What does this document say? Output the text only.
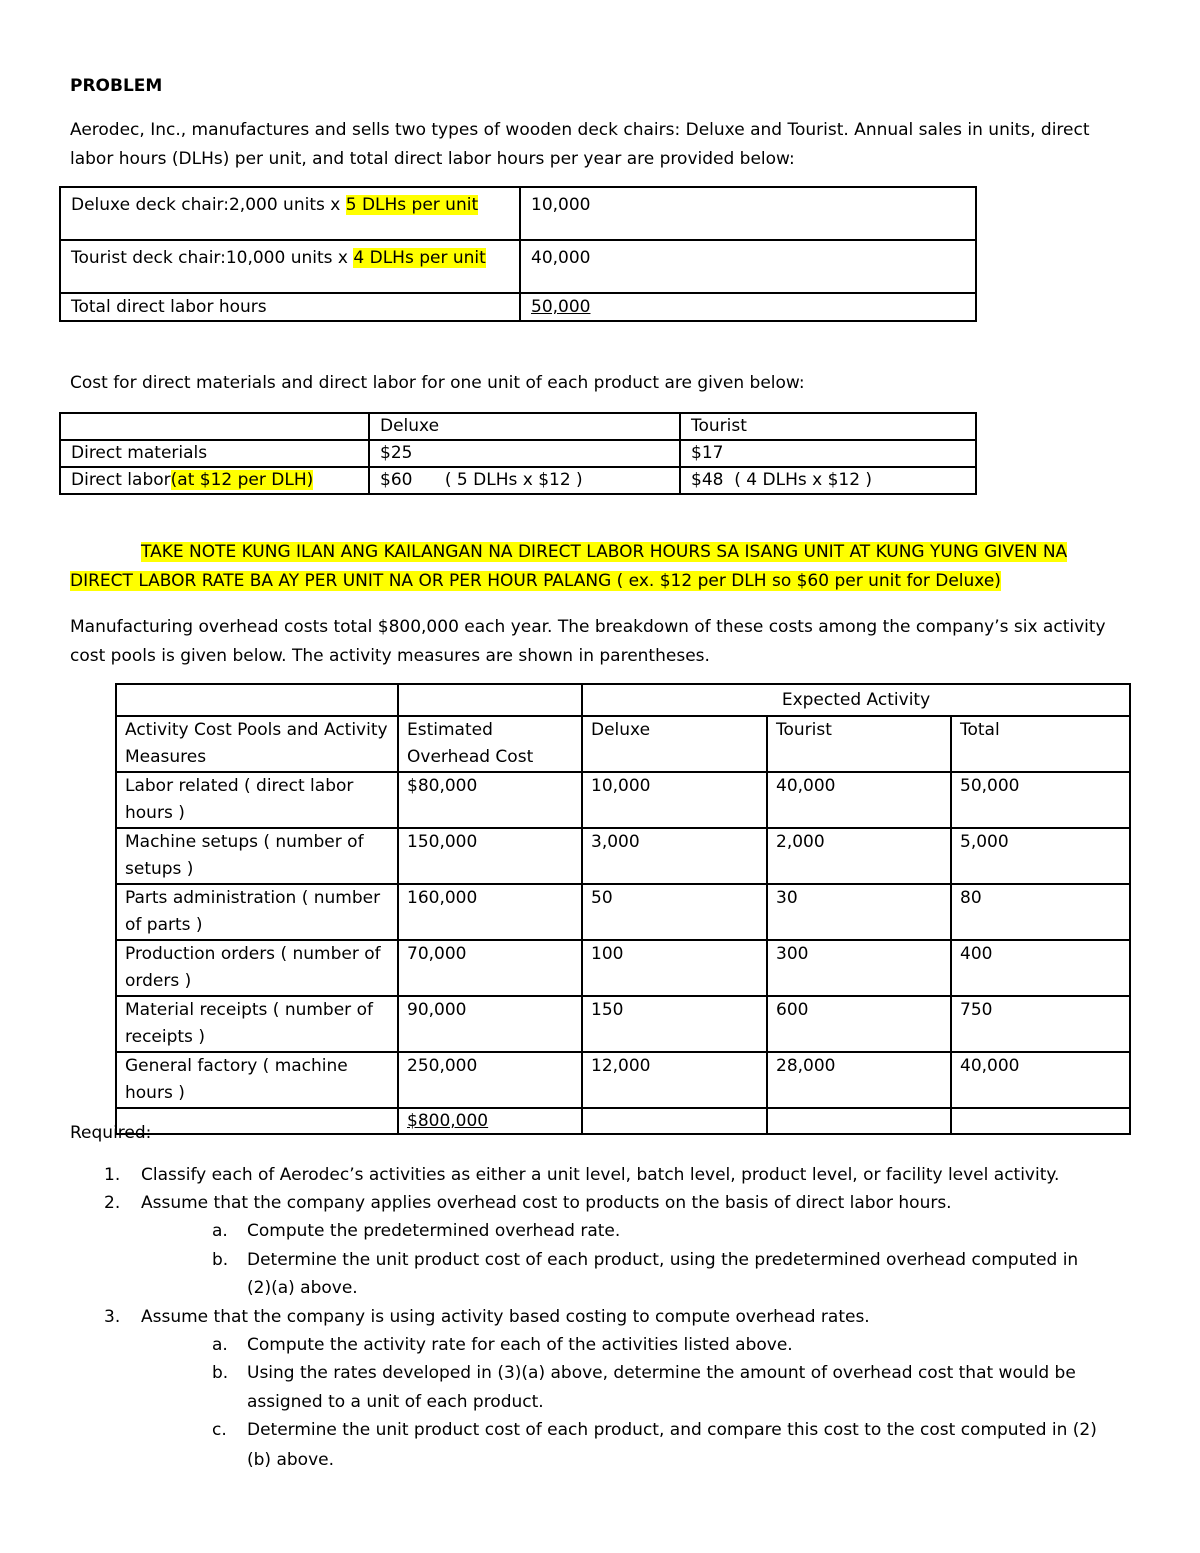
PROBLEM
Aerodec, Inc., manufactures and sells two types of wooden deck chairs: Deluxe and Tourist. Annual sales in units, direct
labor hours (DLHs) per unit, and total direct labor hours per year are provided below:
Deluxe deck chair:2,000 units x 5 DLHs per unit	10,000
Tourist deck chair:10,000 units x 4 DLHs per unit	40,000
Total direct labor hours	50,000
Cost for direct materials and direct labor for one unit of each product are given below:
	Deluxe	Tourist
Direct materials	$25	$17
Direct labor(at $12 per DLH)	$60      ( 5 DLHs x $12 )	$48  ( 4 DLHs x $12 )
TAKE NOTE KUNG ILAN ANG KAILANGAN NA DIRECT LABOR HOURS SA ISANG UNIT AT KUNG YUNG GIVEN NA
DIRECT LABOR RATE BA AY PER UNIT NA OR PER HOUR PALANG ( ex. $12 per DLH so $60 per unit for Deluxe)
Manufacturing overhead costs total $800,000 each year. The breakdown of these costs among the company’s six activity
cost pools is given below. The activity measures are shown in parentheses.
		Expected Activity		
Activity Cost Pools and Activity Measures	Estimated Overhead Cost	Deluxe	Tourist	Total
Labor related ( direct labor hours )	$80,000	10,000	40,000	50,000
Machine setups ( number of setups )	150,000	3,000	2,000	5,000
Parts administration ( number of parts )	160,000	50	30	80
Production orders ( number of orders )	70,000	100	300	400
Material receipts ( number of receipts )	90,000	150	600	750
General factory ( machine hours )	250,000	12,000	28,000	40,000
	$800,000			
Required:
1. Classify each of Aerodec’s activities as either a unit level, batch level, product level, or facility level activity.
2. Assume that the company applies overhead cost to products on the basis of direct labor hours.
a. Compute the predetermined overhead rate.
b. Determine the unit product cost of each product, using the predetermined overhead computed in
(2)(a) above.
3. Assume that the company is using activity based costing to compute overhead rates.
a. Compute the activity rate for each of the activities listed above.
b. Using the rates developed in (3)(a) above, determine the amount of overhead cost that would be
assigned to a unit of each product.
c. Determine the unit product cost of each product, and compare this cost to the cost computed in (2)
(b) above.
